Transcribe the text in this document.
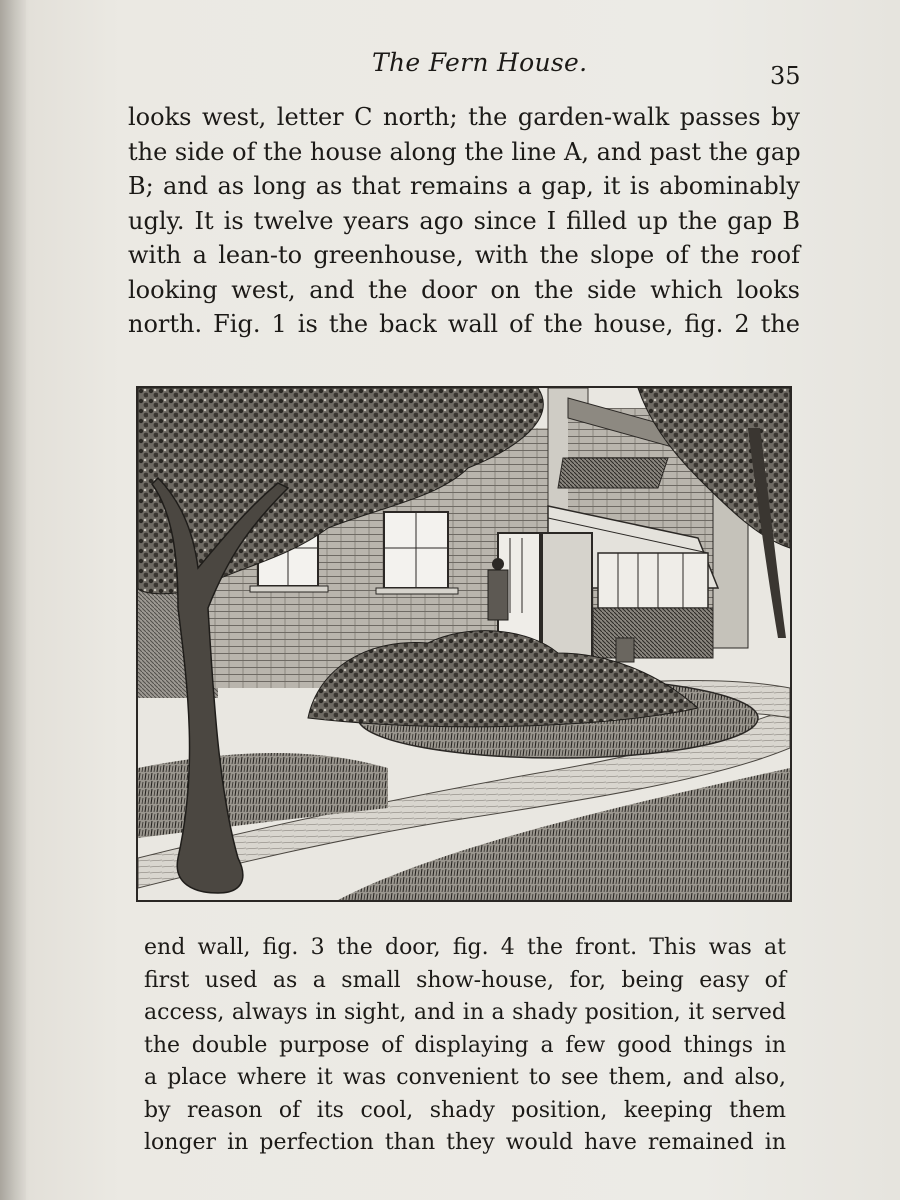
The Fern House.	35
looks west, letter C north; the garden-walk passes by
the side of the house along the line A, and past the gap
B; and as long as that remains a gap, it is abominably
ugly. It is twelve years ago since I filled up the gap B
with a lean-to greenhouse, with the slope of the roof
looking west, and the door on the side which looks
north. Fig. 1 is the back wall of the house, fig. 2 the
end wall, fig. 3 the door, fig. 4 the front. This was at
first used as a small show-house, for, being easy of
access, always in sight, and in a shady position, it served
the double purpose of displaying a few good things in
a place where it was convenient to see them, and also,
by reason of its cool, shady position, keeping them
longer in perfection than they would have remained in
